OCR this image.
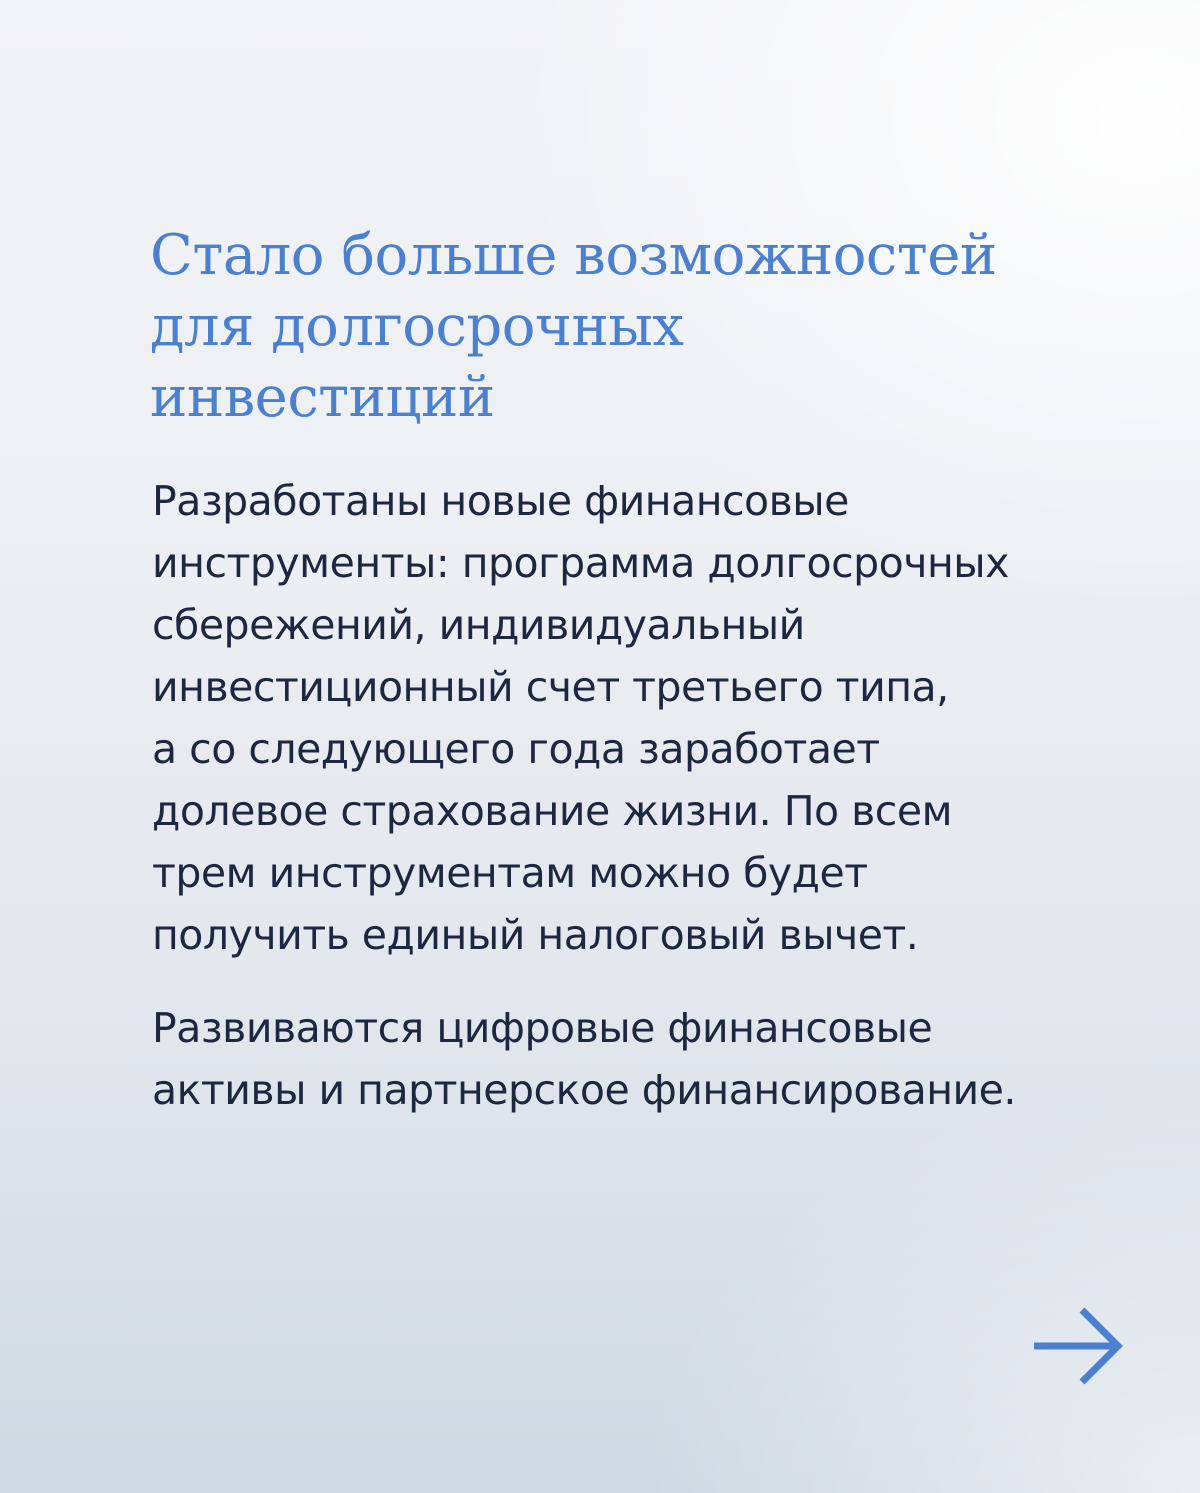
Стало больше возможностей
для долгосрочных
инвестиций

Разработаны новые финансовые
инструменты: программа долгосрочных
сбережений, индивидуальный
инвестиционный счет третьего типа,
а со следующего года заработает
долевое страхование жизни. По всем
трем инструментам можно будет
получить единый налоговый вычет.

Развиваются цифровые финансовые
активы и партнерское финансирование.
